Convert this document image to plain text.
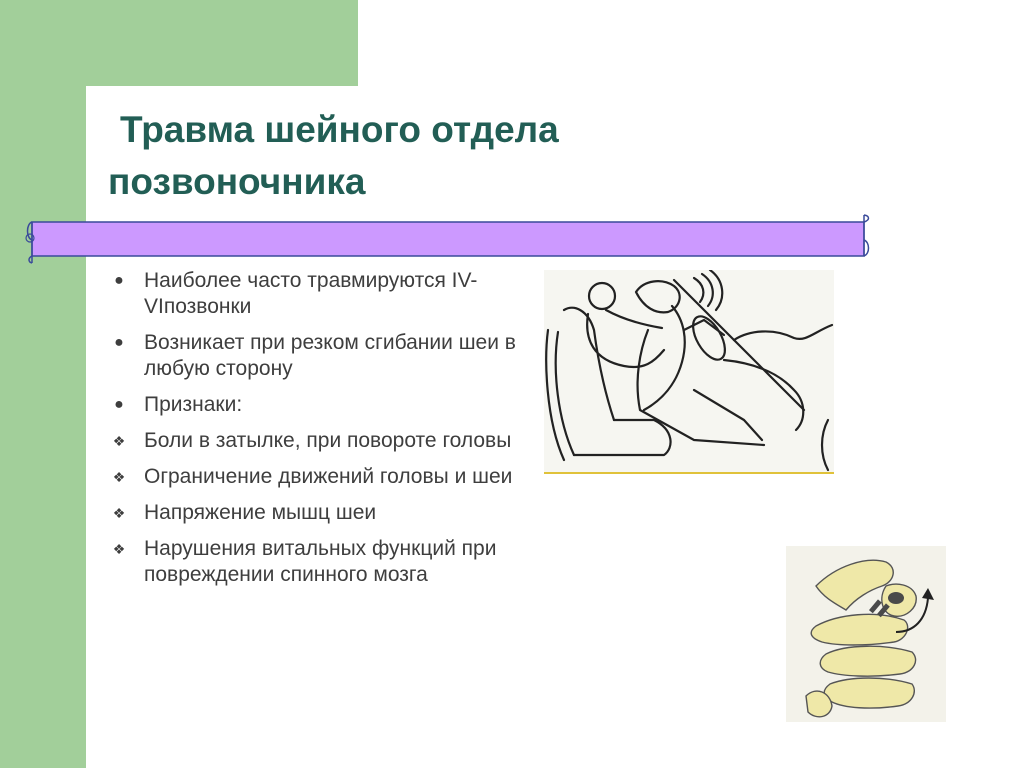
Травма шейного отдела
позвоночника
● Наиболее часто травмируются IV-VIпозвонки
● Возникает при резком сгибании шеи в любую сторону
● Признаки:
❖ Боли в затылке, при повороте головы
❖ Ограничение движений головы и шеи
❖ Напряжение мышц шеи
❖ Нарушения витальных функций при повреждении спинного мозга
